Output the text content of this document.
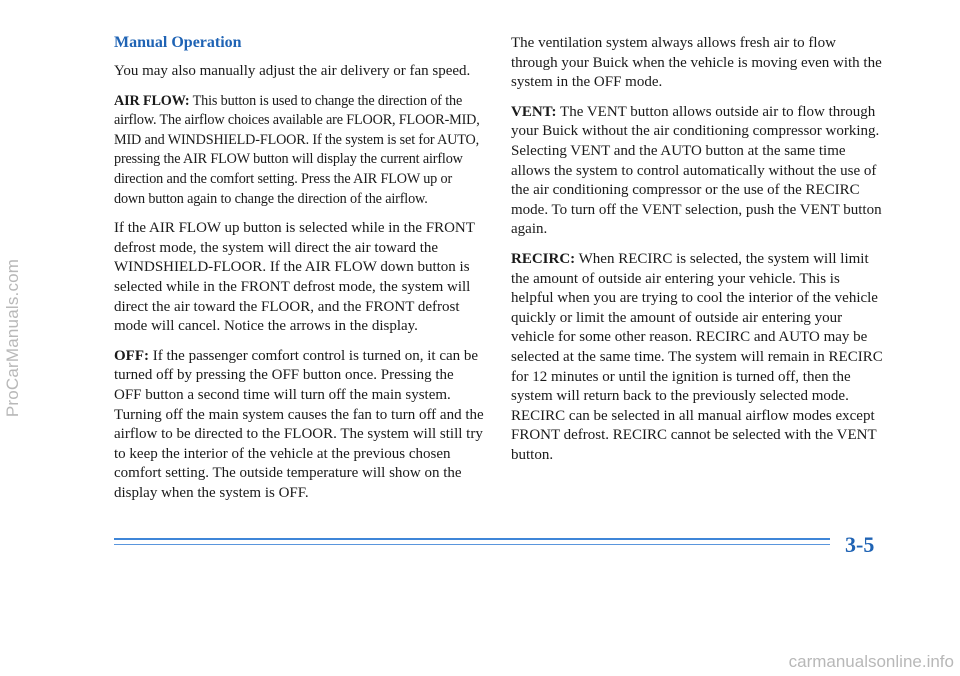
ProCarManuals.com
Manual Operation

You may also manually adjust the air delivery or fan speed.

AIR FLOW: This button is used to change the direction of the airflow. The airflow choices available are FLOOR, FLOOR-MID, MID and WINDSHIELD-FLOOR. If the system is set for AUTO, pressing the AIR FLOW button will display the current airflow direction and the comfort setting. Press the AIR FLOW up or down button again to change the direction of the airflow.

If the AIR FLOW up button is selected while in the FRONT defrost mode, the system will direct the air toward the WINDSHIELD-FLOOR. If the AIR FLOW down button is selected while in the FRONT defrost mode, the system will direct the air toward the FLOOR, and the FRONT defrost mode will cancel. Notice the arrows in the display.

OFF: If the passenger comfort control is turned on, it can be turned off by pressing the OFF button once. Pressing the OFF button a second time will turn off the main system. Turning off the main system causes the fan to turn off and the airflow to be directed to the FLOOR. The system will still try to keep the interior of the vehicle at the previous chosen comfort setting. The outside temperature will show on the display when the system is OFF.

The ventilation system always allows fresh air to flow through your Buick when the vehicle is moving even with the system in the OFF mode.

VENT: The VENT button allows outside air to flow through your Buick without the air conditioning compressor working. Selecting VENT and the AUTO button at the same time allows the system to control automatically without the use of the air conditioning compressor or the use of the RECIRC mode. To turn off the VENT selection, push the VENT button again.

RECIRC: When RECIRC is selected, the system will limit the amount of outside air entering your vehicle. This is helpful when you are trying to cool the interior of the vehicle quickly or limit the amount of outside air entering your vehicle for some other reason. RECIRC and AUTO may be selected at the same time. The system will remain in RECIRC for 12 minutes or until the ignition is turned off, then the system will return back to the previously selected mode. RECIRC can be selected in all manual airflow modes except FRONT defrost. RECIRC cannot be selected with the VENT button.

3-5
carmanualsonline.info
